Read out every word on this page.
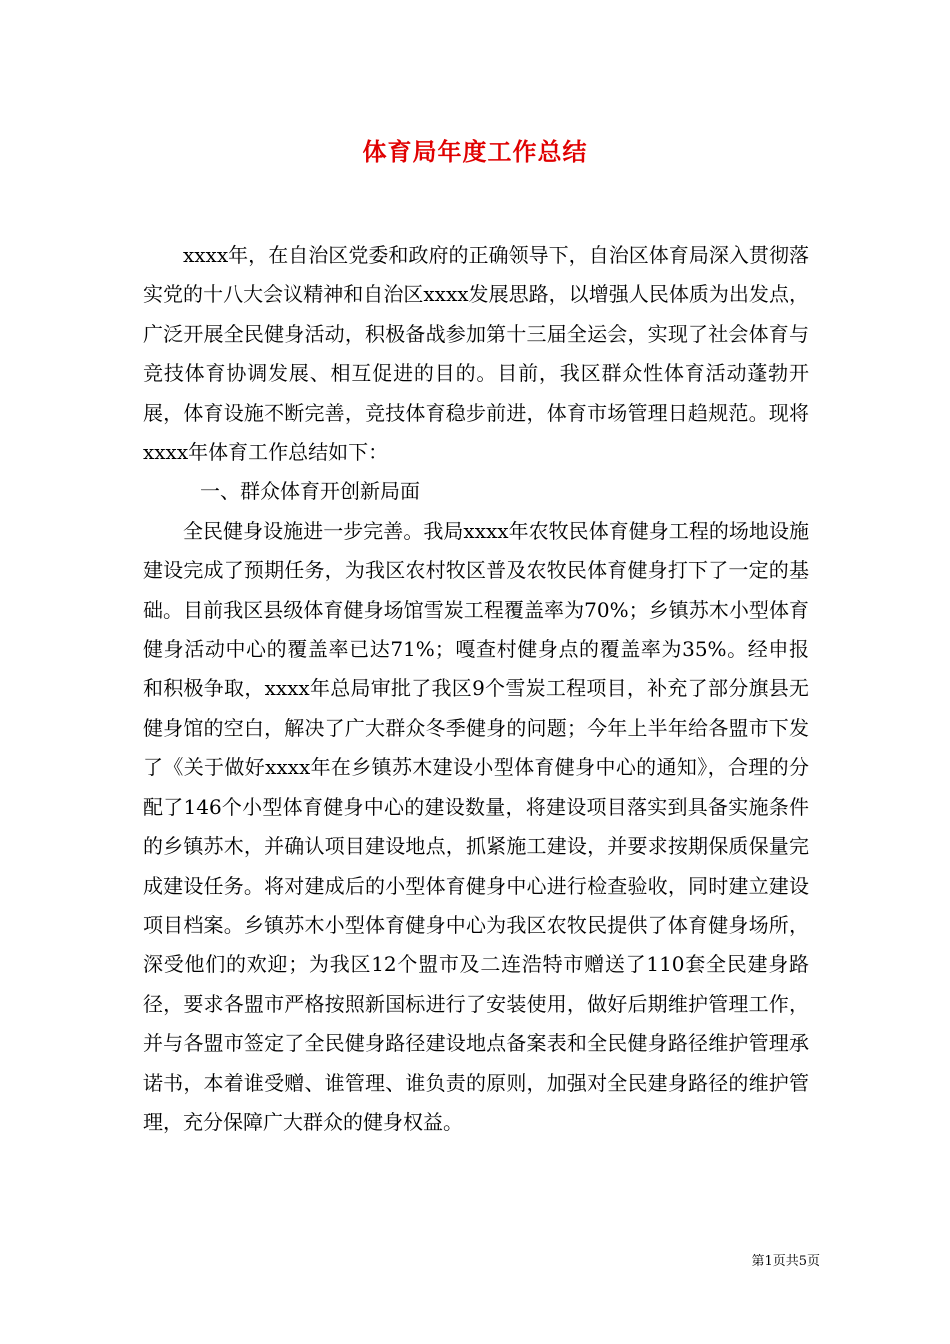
体育局年度工作总结

xxxx年，在自治区党委和政府的正确领导下，自治区体育局深入贯彻落实党的十八大会议精神和自治区xxxx发展思路，以增强人民体质为出发点，广泛开展全民健身活动，积极备战参加第十三届全运会，实现了社会体育与竞技体育协调发展、相互促进的目的。目前，我区群众性体育活动蓬勃开展，体育设施不断完善，竞技体育稳步前进，体育市场管理日趋规范。现将xxxx年体育工作总结如下：

一、群众体育开创新局面

全民健身设施进一步完善。我局xxxx年农牧民体育健身工程的场地设施建设完成了预期任务，为我区农村牧区普及农牧民体育健身打下了一定的基础。目前我区县级体育健身场馆雪炭工程覆盖率为70%；乡镇苏木小型体育健身活动中心的覆盖率已达71%；嘎查村健身点的覆盖率为35%。经申报和积极争取，xxxx年总局审批了我区9个雪炭工程项目，补充了部分旗县无健身馆的空白，解决了广大群众冬季健身的问题；今年上半年给各盟市下发了《关于做好xxxx年在乡镇苏木建设小型体育健身中心的通知》，合理的分配了146个小型体育健身中心的建设数量，将建设项目落实到具备实施条件的乡镇苏木，并确认项目建设地点，抓紧施工建设，并要求按期保质保量完成建设任务。将对建成后的小型体育健身中心进行检查验收，同时建立建设项目档案。乡镇苏木小型体育健身中心为我区农牧民提供了体育健身场所，深受他们的欢迎；为我区12个盟市及二连浩特市赠送了110套全民建身路径，要求各盟市严格按照新国标进行了安装使用，做好后期维护管理工作，并与各盟市签定了全民健身路径建设地点备案表和全民健身路径维护管理承诺书，本着谁受赠、谁管理、谁负责的原则，加强对全民建身路径的维护管理，充分保障广大群众的健身权益。

第1页共5页
